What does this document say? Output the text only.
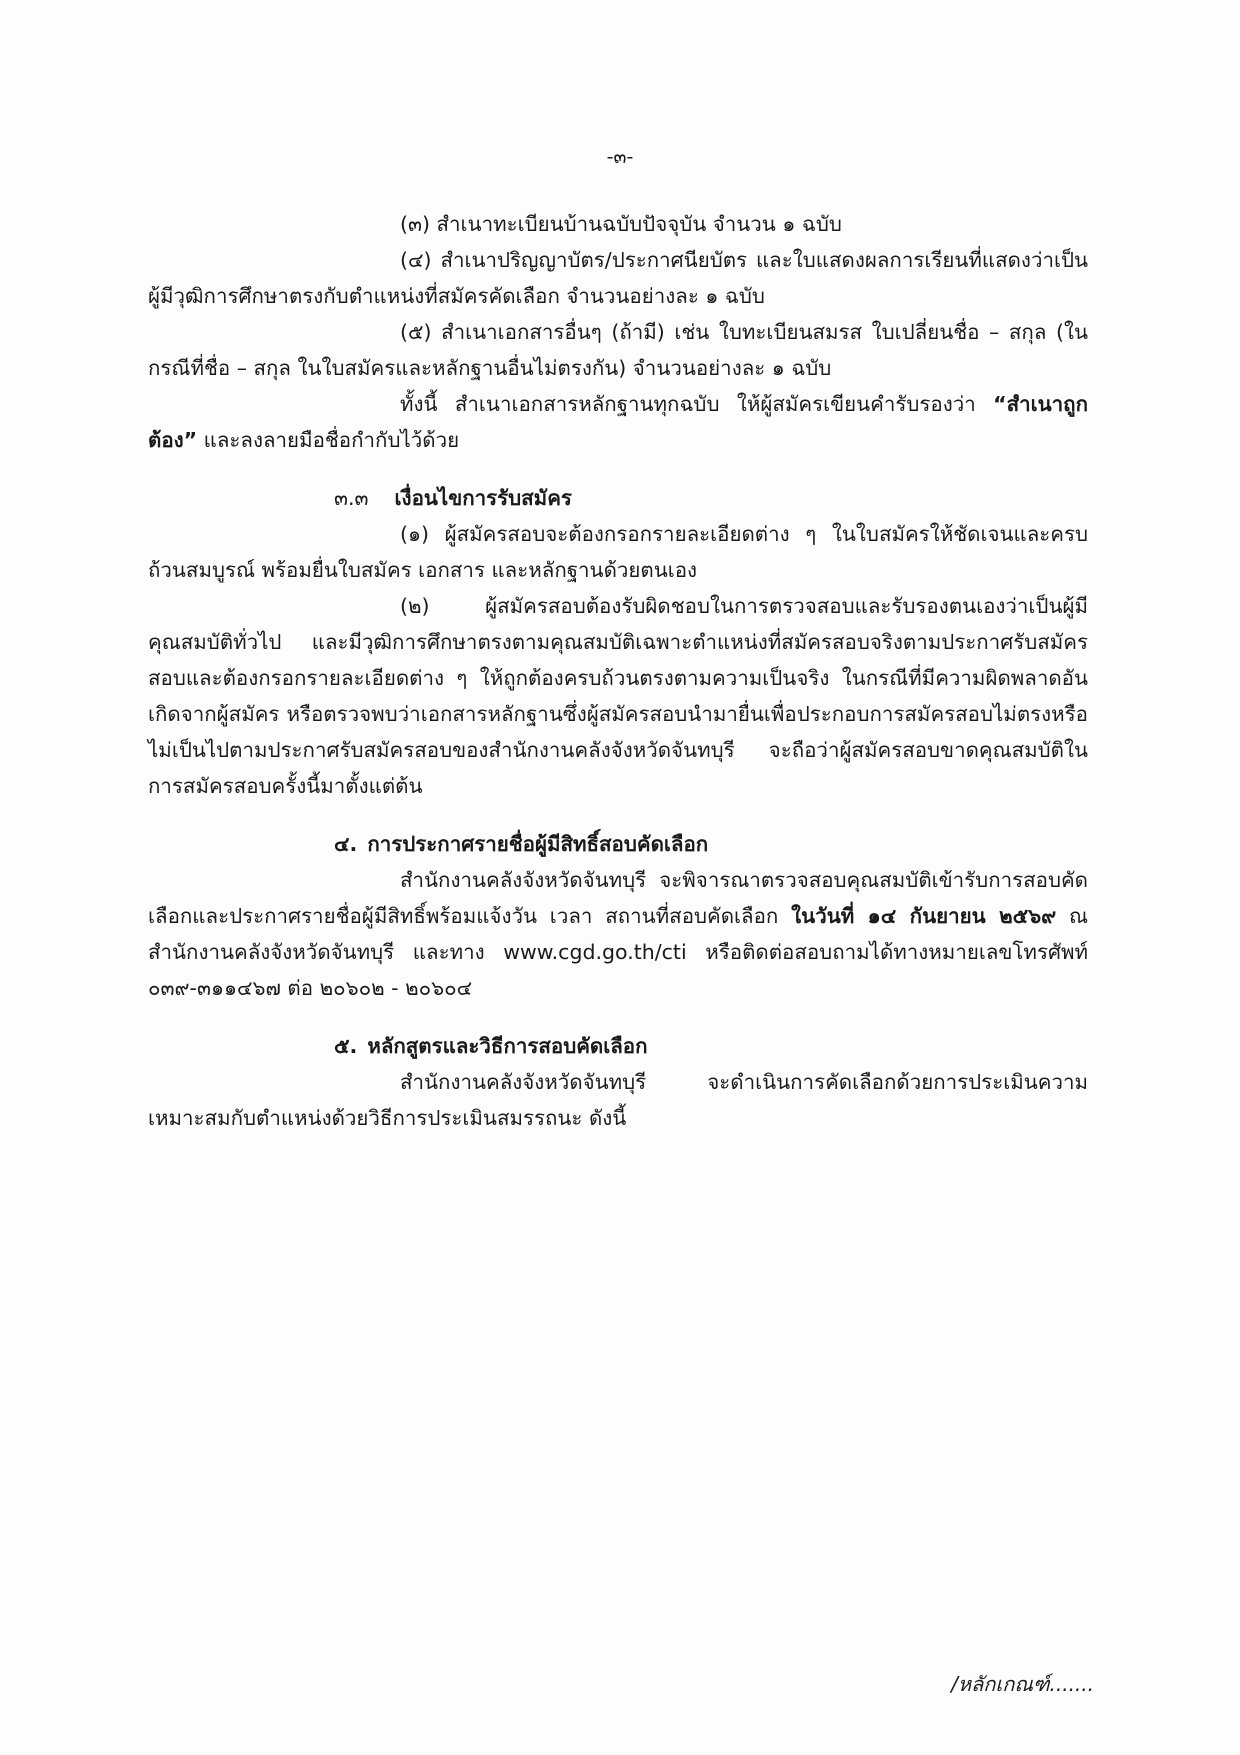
-๓-

(๓) สำเนาทะเบียนบ้านฉบับปัจจุบัน จำนวน ๑ ฉบับ

(๔) สำเนาปริญญาบัตร/ประกาศนียบัตร และใบแสดงผลการเรียนที่แสดงว่าเป็นผู้มีวุฒิการศึกษาตรงกับตำแหน่งที่สมัครคัดเลือก จำนวนอย่างละ ๑ ฉบับ

(๕) สำเนาเอกสารอื่นๆ (ถ้ามี) เช่น ใบทะเบียนสมรส ใบเปลี่ยนชื่อ – สกุล (ในกรณีที่ชื่อ – สกุล ในใบสมัครและหลักฐานอื่นไม่ตรงกัน) จำนวนอย่างละ ๑ ฉบับ

ทั้งนี้ สำเนาเอกสารหลักฐานทุกฉบับ ให้ผู้สมัครเขียนคำรับรองว่า “สำเนาถูกต้อง” และลงลายมือชื่อกำกับไว้ด้วย

๓.๓ เงื่อนไขการรับสมัคร

(๑) ผู้สมัครสอบจะต้องกรอกรายละเอียดต่าง ๆ ในใบสมัครให้ชัดเจนและครบถ้วนสมบูรณ์ พร้อมยื่นใบสมัคร เอกสาร และหลักฐานด้วยตนเอง

(๒) ผู้สมัครสอบต้องรับผิดชอบในการตรวจสอบและรับรองตนเองว่าเป็นผู้มีคุณสมบัติทั่วไป และมีวุฒิการศึกษาตรงตามคุณสมบัติเฉพาะตำแหน่งที่สมัครสอบจริงตามประกาศรับสมัครสอบและต้องกรอกรายละเอียดต่าง ๆ ให้ถูกต้องครบถ้วนตรงตามความเป็นจริง ในกรณีที่มีความผิดพลาดอันเกิดจากผู้สมัคร หรือตรวจพบว่าเอกสารหลักฐานซึ่งผู้สมัครสอบนำมายื่นเพื่อประกอบการสมัครสอบไม่ตรงหรือไม่เป็นไปตามประกาศรับสมัครสอบของสำนักงานคลังจังหวัดจันทบุรี จะถือว่าผู้สมัครสอบขาดคุณสมบัติในการสมัครสอบครั้งนี้มาตั้งแต่ต้น

๔. การประกาศรายชื่อผู้มีสิทธิ์สอบคัดเลือก

สำนักงานคลังจังหวัดจันทบุรี จะพิจารณาตรวจสอบคุณสมบัติเข้ารับการสอบคัดเลือกและประกาศรายชื่อผู้มีสิทธิ์พร้อมแจ้งวัน เวลา สถานที่สอบคัดเลือก ในวันที่ ๑๔ กันยายน ๒๕๖๙ ณ สำนักงานคลังจังหวัดจันทบุรี และทาง www.cgd.go.th/cti หรือติดต่อสอบถามได้ทางหมายเลขโทรศัพท์ ๐๓๙-๓๑๑๔๖๗ ต่อ ๒๐๖๐๒ - ๒๐๖๐๔

๕. หลักสูตรและวิธีการสอบคัดเลือก

สำนักงานคลังจังหวัดจันทบุรี จะดำเนินการคัดเลือกด้วยการประเมินความเหมาะสมกับตำแหน่งด้วยวิธีการประเมินสมรรถนะ ดังนี้

/หลักเกณฑ์.......
